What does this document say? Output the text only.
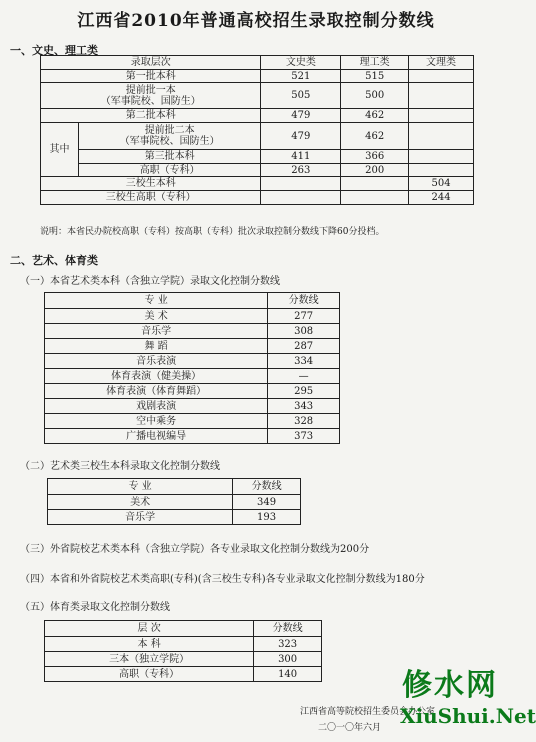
江西省2010年普通高校招生录取控制分数线
一、文史、理工类
录取层次		文史类	理工类	文理类
第一批本科		521	515	
提前批一本
（军事院校、国防生）		505	500	
第二批本科		479	462	
其中	提前批二本
（军事院校、国防生）	479	462	
	第三批本科	411	366	
	高职（专科）	263	200	
三校生本科				504
三校生高职（专科）				244
说明：本省民办院校高职（专科）按高职（专科）批次录取控制分数线下降60分投档。
二、艺术、体育类
（一）本省艺术类本科（含独立学院）录取文化控制分数线
专 业	分数线
美 术	277
音乐学	308
舞 蹈	287
音乐表演	334
体育表演（健美操）	—
体育表演（体育舞蹈）	295
戏剧表演	343
空中乘务	328
广播电视编导	373
（二）艺术类三校生本科录取文化控制分数线
专 业	分数线
美术	349
音乐学	193
（三）外省院校艺术类本科（含独立学院）各专业录取文化控制分数线为200分
（四）本省和外省院校艺术类高职(专科)(含三校生专科)各专业录取文化控制分数线为180分
（五）体育类录取文化控制分数线
层 次	分数线
本 科	323
三本（独立学院）	300
高职（专科）	140
江西省高等院校招生委员会办公室
二〇一〇年六月
修水网
XiuShui.Net
